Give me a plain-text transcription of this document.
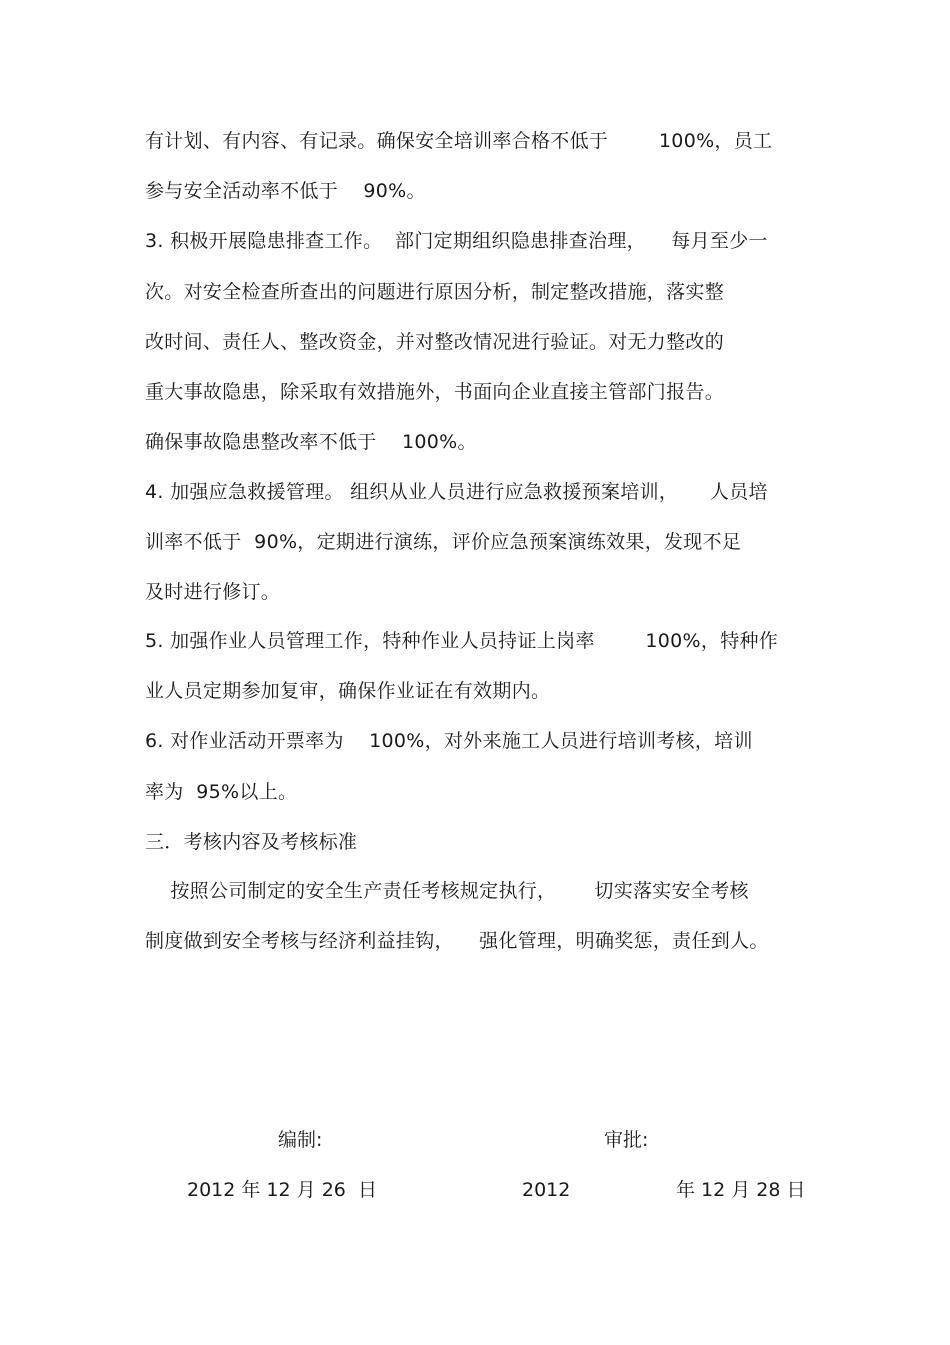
有计划、有内容、有记录。确保安全培训率合格不低于        100%，员工
参与安全活动率不低于    90%。
3. 积极开展隐患排查工作。  部门定期组织隐患排查治理，    每月至少一
次。对安全检查所查出的问题进行原因分析，制定整改措施，落实整
改时间、责任人、整改资金，并对整改情况进行验证。对无力整改的
重大事故隐患，除采取有效措施外，书面向企业直接主管部门报告。
确保事故隐患整改率不低于    100%。
4. 加强应急救援管理。 组织从业人员进行应急救援预案培训，     人员培
训率不低于  90%，定期进行演练，评价应急预案演练效果，发现不足
及时进行修订。
5. 加强作业人员管理工作，特种作业人员持证上岗率        100%，特种作
业人员定期参加复审，确保作业证在有效期内。
6. 对作业活动开票率为    100%，对外来施工人员进行培训考核，培训
率为  95%以上。
三．考核内容及考核标准
按照公司制定的安全生产责任考核规定执行，      切实落实安全考核
制度做到安全考核与经济利益挂钩，    强化管理，明确奖惩，责任到人。
编制:	审批:
2012 年 12 月 26  日	2012	年 12 月 28 日
